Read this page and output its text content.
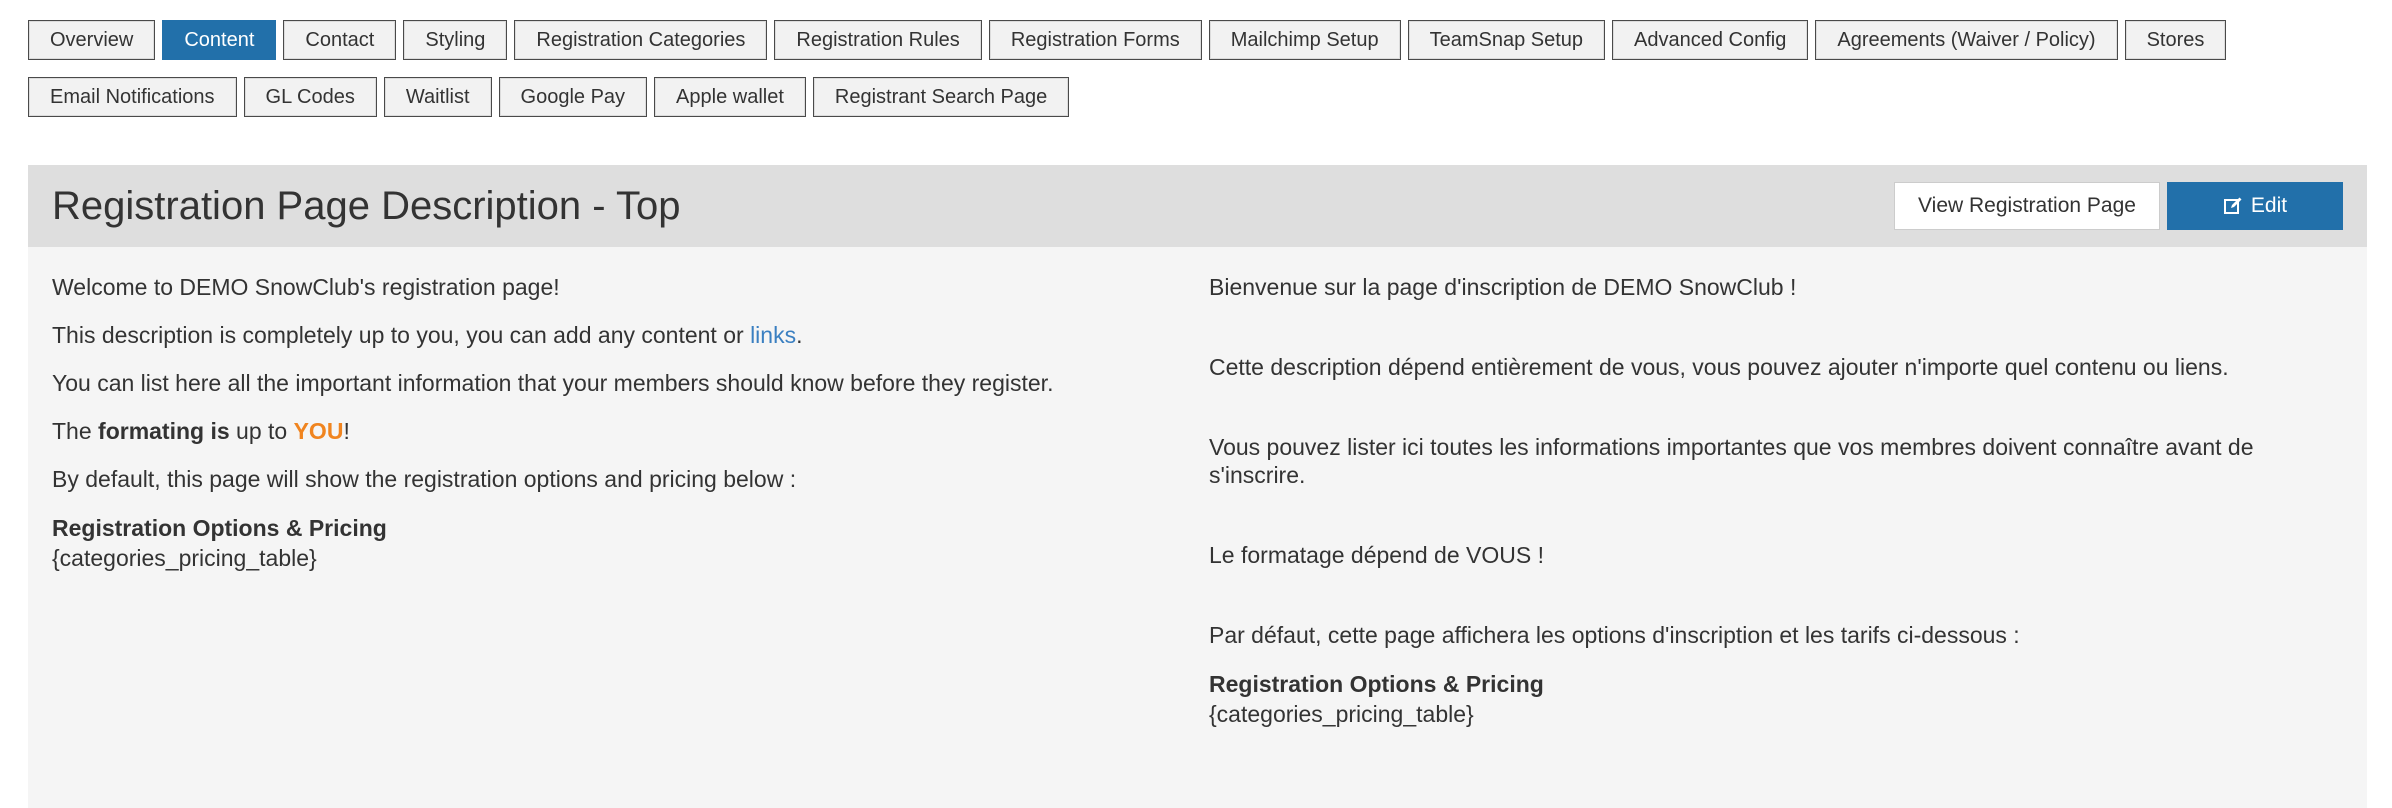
Overview	Content	Contact	Styling	Registration Categories	Registration Rules	Registration Forms	Mailchimp Setup	TeamSnap Setup	Advanced Config	Agreements (Waiver / Policy)	Stores
Email Notifications	GL Codes	Waitlist	Google Pay	Apple wallet	Registrant Search Page
Registration Page Description - Top	View Registration Page	Edit

Welcome to DEMO SnowClub's registration page!

This description is completely up to you, you can add any content or links.

You can list here all the important information that your members should know before they register.

The formating is up to YOU!

By default, this page will show the registration options and pricing below :

Registration Options & Pricing
{categories_pricing_table}

Bienvenue sur la page d'inscription de DEMO SnowClub !

Cette description dépend entièrement de vous, vous pouvez ajouter n'importe quel contenu ou liens.

Vous pouvez lister ici toutes les informations importantes que vos membres doivent connaître avant de s'inscrire.

Le formatage dépend de VOUS !

Par défaut, cette page affichera les options d'inscription et les tarifs ci-dessous :

Registration Options & Pricing
{categories_pricing_table}
